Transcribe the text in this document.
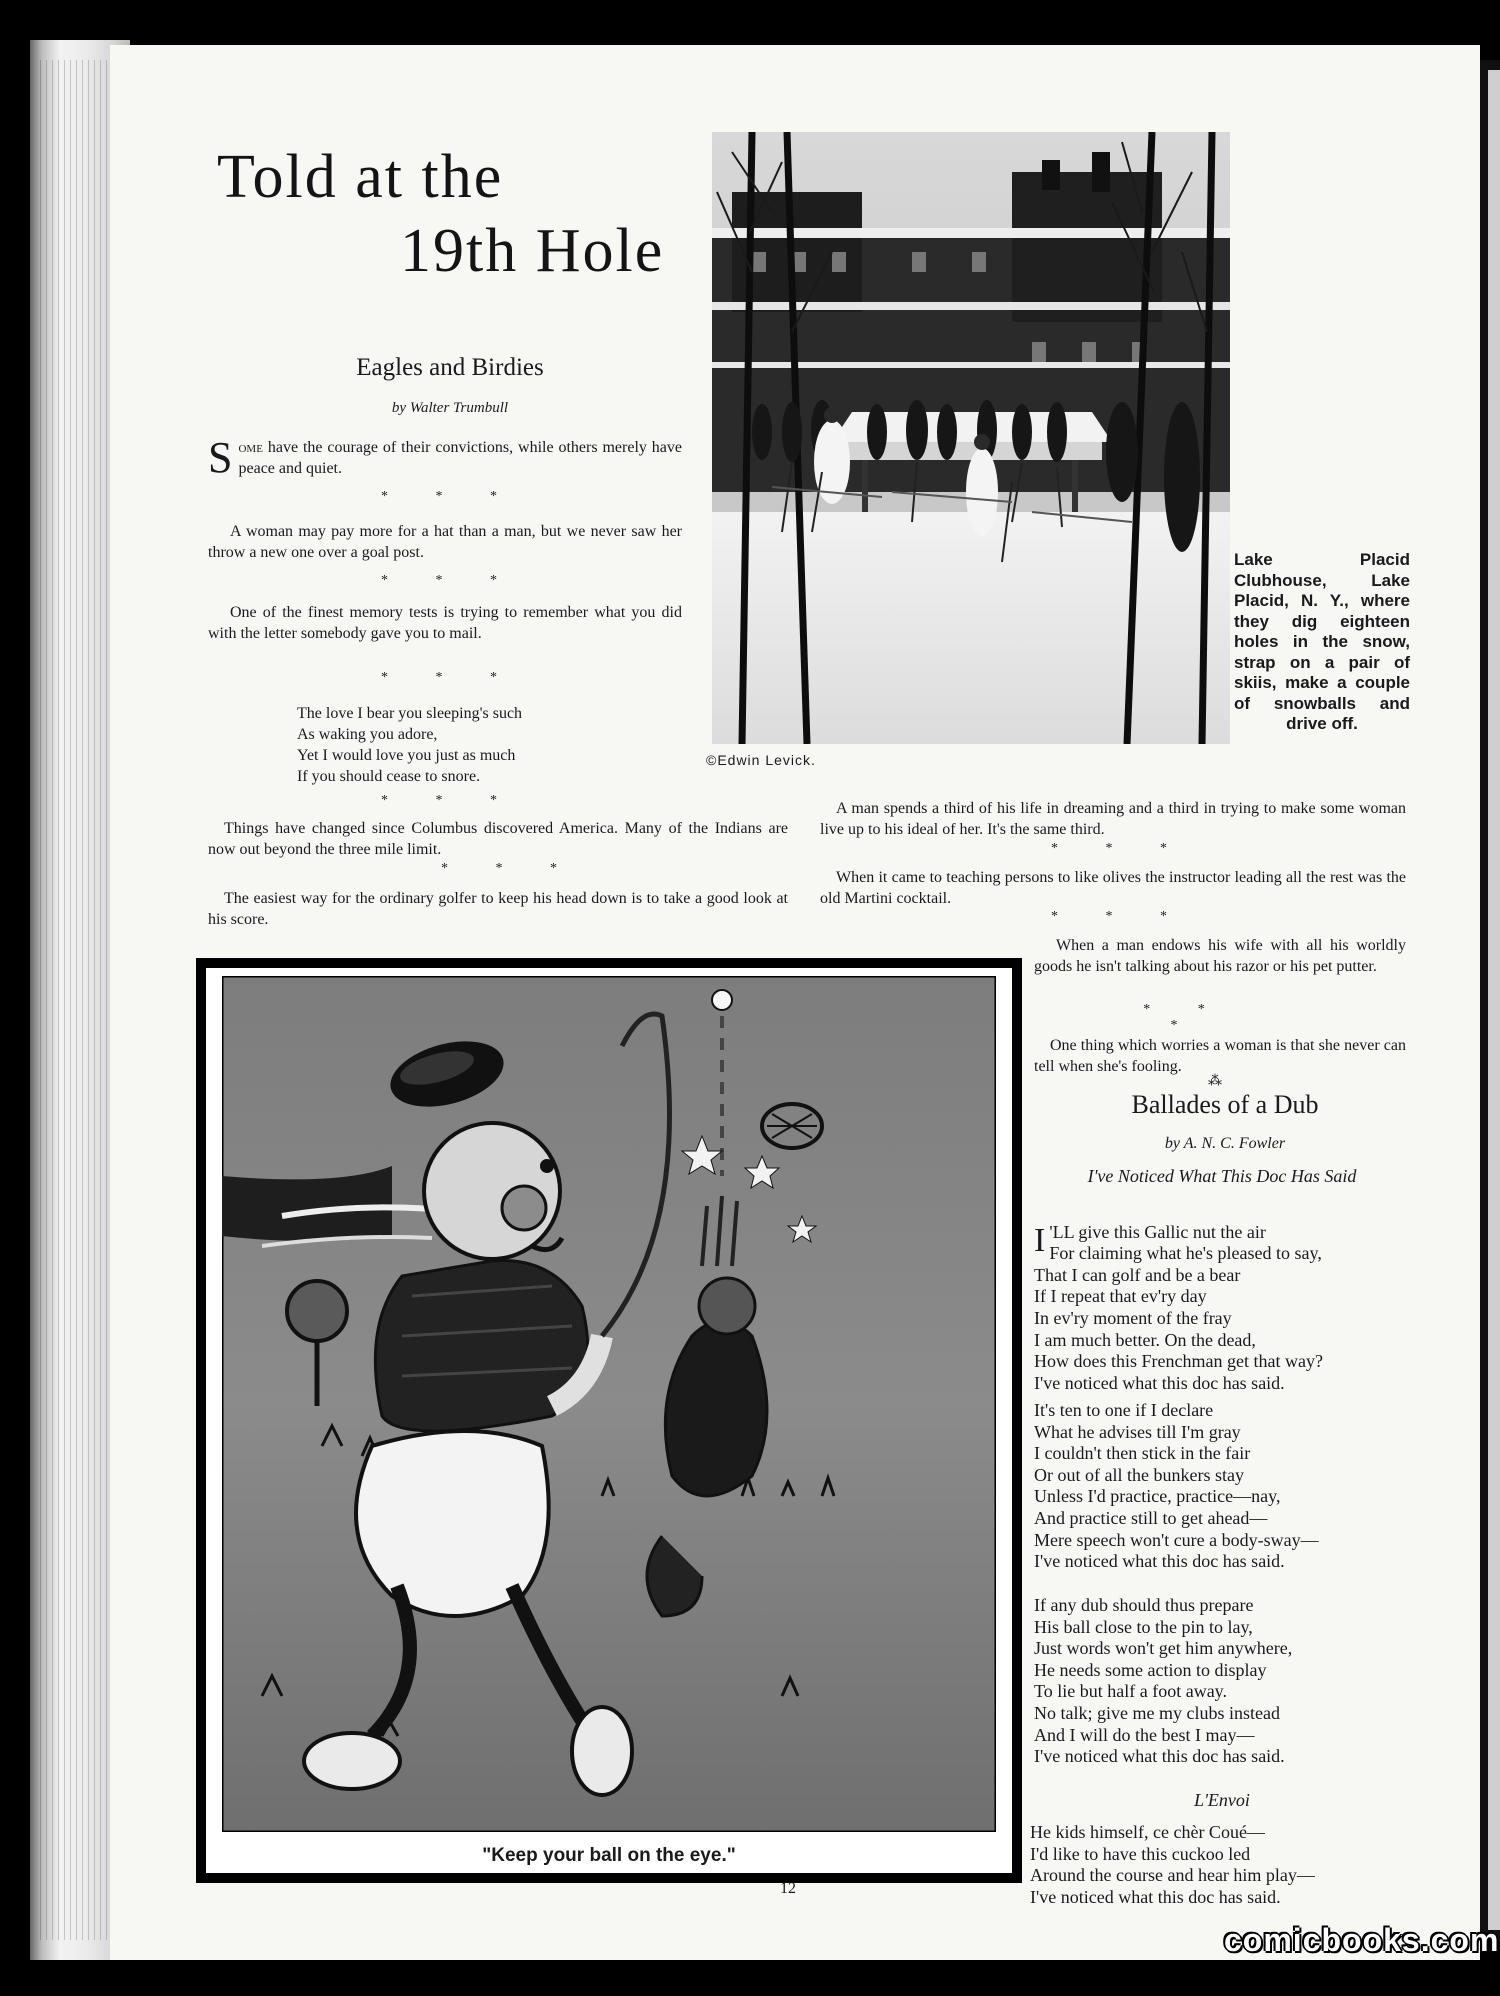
Told at the
19th Hole
Lake Placid Clubhouse, Lake Placid, N. Y., where they dig eighteen holes in the snow, strap on a pair of skiis, make a couple of snowballs and drive off.
©Edwin Levick.
Eagles and Birdies
by Walter Trumbull
Some have the courage of their convictions, while others merely have peace and quiet.
* * *
A woman may pay more for a hat than a man, but we never saw her throw a new one over a goal post.
* * *
One of the finest memory tests is trying to remember what you did with the letter somebody gave you to mail.
* * *
The love I bear you sleeping's such
As waking you adore,
Yet I would love you just as much
If you should cease to snore.
* * *
Things have changed since Columbus discovered America. Many of the Indians are now out beyond the three mile limit.
* * *
The easiest way for the ordinary golfer to keep his head down is to take a good look at his score.
A man spends a third of his life in dreaming and a third in trying to make some woman live up to his ideal of her. It's the same third.
* * *
When it came to teaching persons to like olives the instructor leading all the rest was the old Martini cocktail.
* * *
When a man endows his wife with all his worldly goods he isn't talking about his razor or his pet putter.
* * *
One thing which worries a woman is that she never can tell when she's fooling.
⁂
"Keep your ball on the eye."
Ballades of a Dub
by A. N. C. Fowler
I've Noticed What This Doc Has Said

I 'LL give this Gallic nut the air
For claiming what he's pleased to say,
That I can golf and be a bear
If I repeat that ev'ry day
In ev'ry moment of the fray
I am much better. On the dead,
How does this Frenchman get that way?
I've noticed what this doc has said.

It's ten to one if I declare
What he advises till I'm gray
I couldn't then stick in the fair
Or out of all the bunkers stay
Unless I'd practice, practice—nay,
And practice still to get ahead—
Mere speech won't cure a body-sway—
I've noticed what this doc has said.
If any dub should thus prepare
His ball close to the pin to lay,
Just words won't get him anywhere,
He needs some action to display
To lie but half a foot away.
No talk; give me my clubs instead
And I will do the best I may—
I've noticed what this doc has said.
L'Envoi
He kids himself, ce chèr Coué—
I'd like to have this cuckoo led
Around the course and hear him play—
I've noticed what this doc has said.
12
comicbooks.com
